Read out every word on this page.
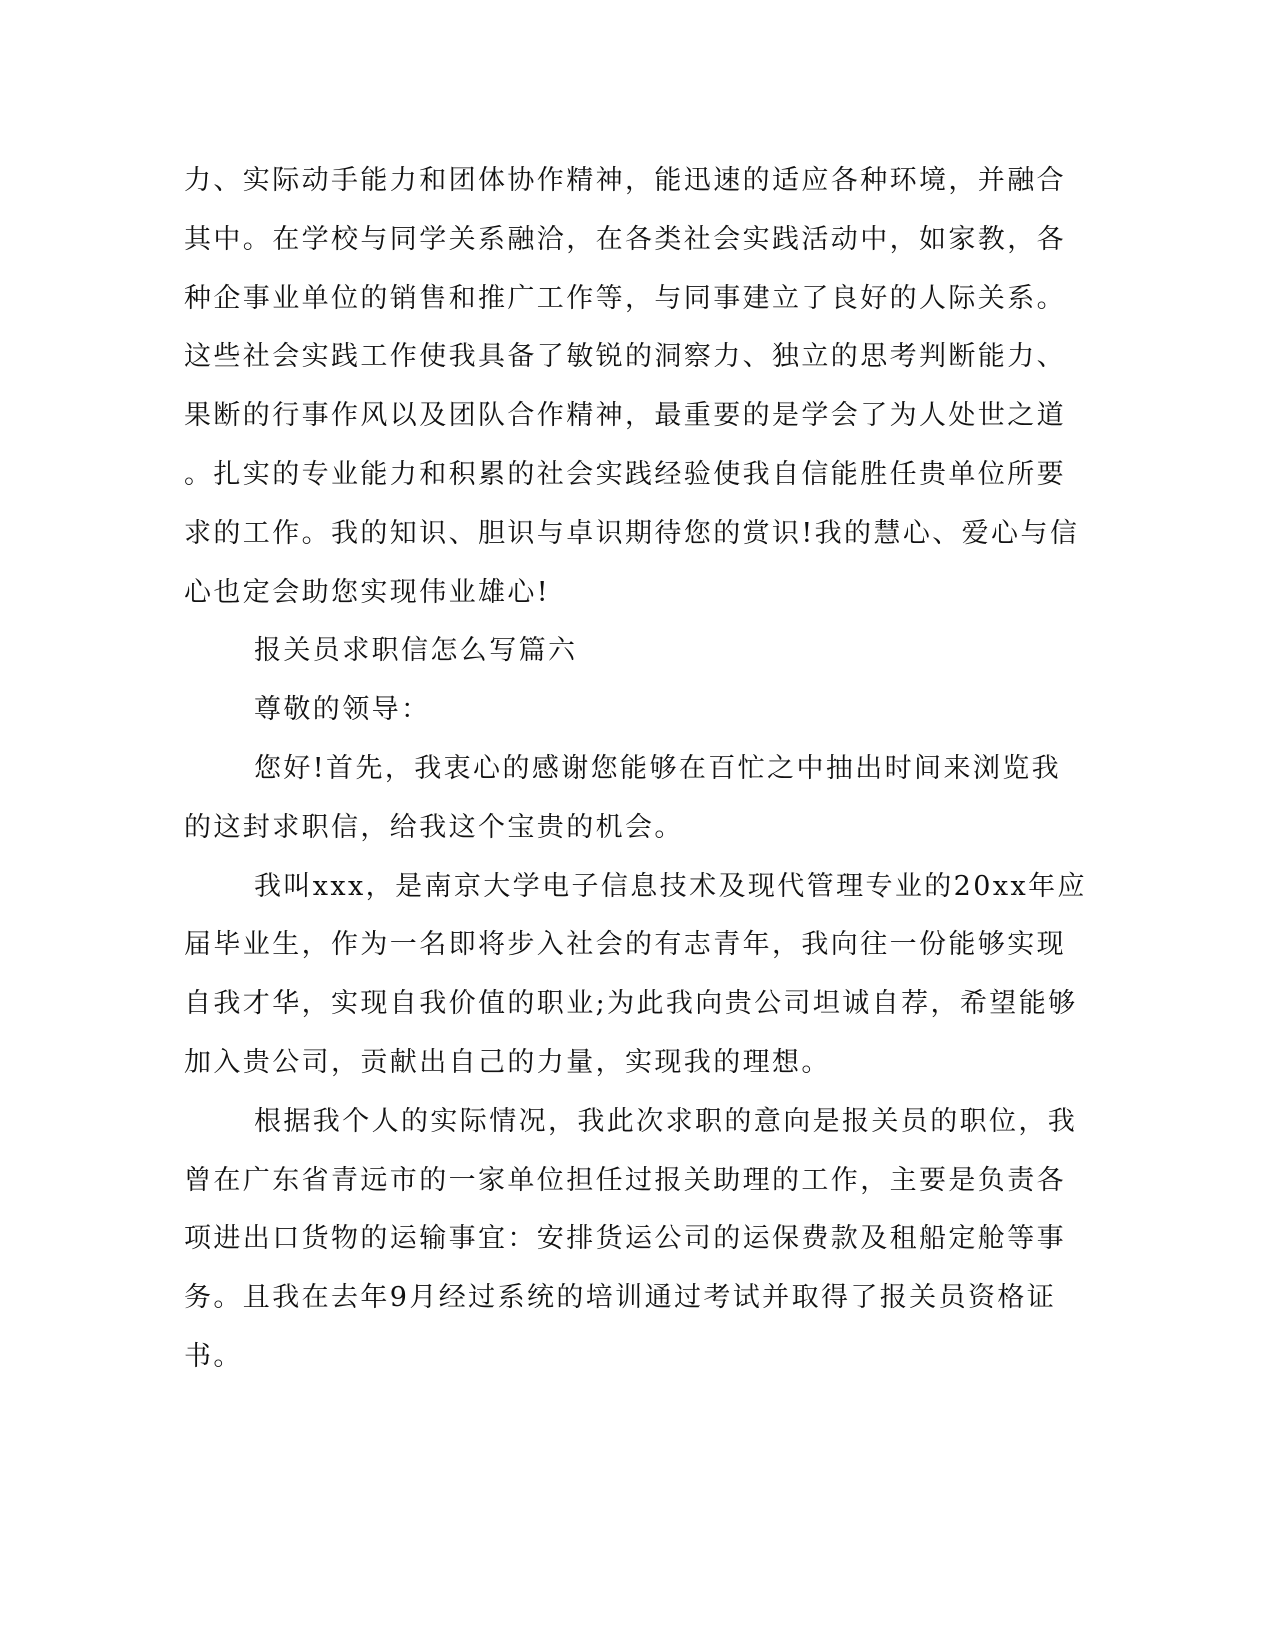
力、实际动手能力和团体协作精神，能迅速的适应各种环境，并融合
其中。在学校与同学关系融洽，在各类社会实践活动中，如家教，各
种企事业单位的销售和推广工作等，与同事建立了良好的人际关系。
这些社会实践工作使我具备了敏锐的洞察力、独立的思考判断能力、
果断的行事作风以及团队合作精神，最重要的是学会了为人处世之道
。扎实的专业能力和积累的社会实践经验使我自信能胜任贵单位所要
求的工作。我的知识、胆识与卓识期待您的赏识!我的慧心、爱心与信
心也定会助您实现伟业雄心!
报关员求职信怎么写篇六
尊敬的领导：
您好!首先，我衷心的感谢您能够在百忙之中抽出时间来浏览我
的这封求职信，给我这个宝贵的机会。
我叫xxx，是南京大学电子信息技术及现代管理专业的20xx年应
届毕业生，作为一名即将步入社会的有志青年，我向往一份能够实现
自我才华，实现自我价值的职业;为此我向贵公司坦诚自荐，希望能够
加入贵公司，贡献出自己的力量，实现我的理想。
根据我个人的实际情况，我此次求职的意向是报关员的职位，我
曾在广东省青远市的一家单位担任过报关助理的工作，主要是负责各
项进出口货物的运输事宜：安排货运公司的运保费款及租船定舱等事
务。且我在去年9月经过系统的培训通过考试并取得了报关员资格证
书。
